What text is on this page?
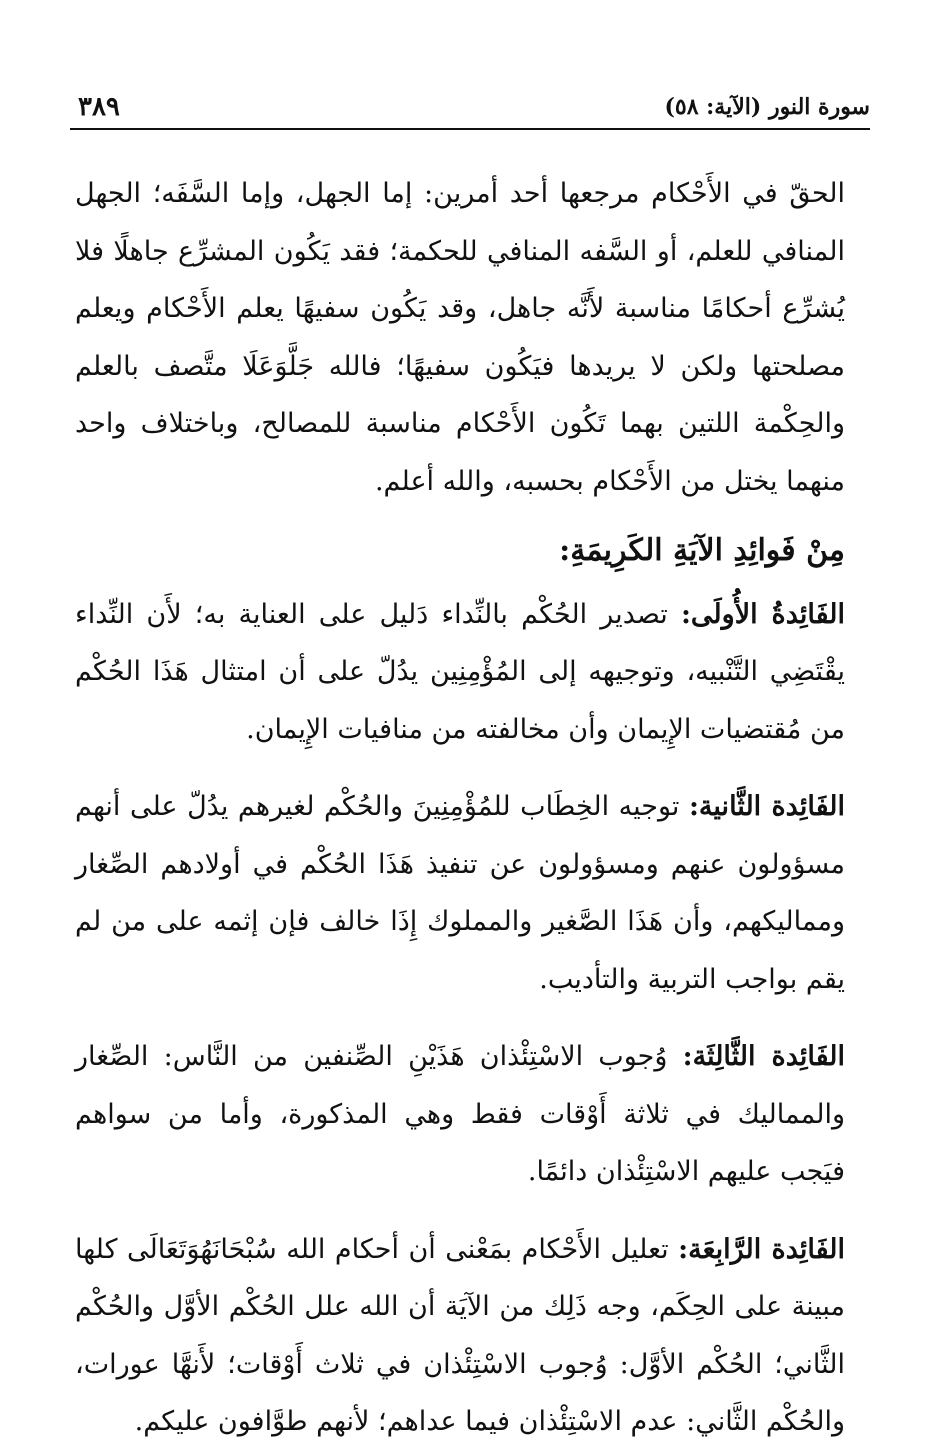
٣٨٩	سورة النور (الآية: ٥٨)

الحقّ في الأَحْكام مرجعها أحد أمرين: إما الجهل، وإما السَّفَه؛ الجهل المنافي للعلم، أو السَّفه المنافي للحكمة؛ فقد يَكُون المشرِّع جاهلًا فلا يُشرِّع أحكامًا مناسبة لأَنَّه جاهل، وقد يَكُون سفيهًا يعلم الأَحْكام ويعلم مصلحتها ولكن لا يريدها فيَكُون سفيهًا؛ فالله جَلَّوَعَلَا متَّصف بالعلم والحِكْمة اللتين بهما تَكُون الأَحْكام مناسبة للمصالح، وباختلاف واحد منهما يختل من الأَحْكام بحسبه، والله أعلم.

مِنْ فَوائِدِ الآيَةِ الكَرِيمَةِ:

الفَائِدةُ الأُولَى: تصدير الحُكْم بالنِّداء دَليل على العناية به؛ لأَن النِّداء يقْتَضِي التَّنْبيه، وتوجيهه إلى المُؤْمِنِين يدُلّ على أن امتثال هَذَا الحُكْم من مُقتضيات الإِيمان وأن مخالفته من منافيات الإِيمان.

الفَائِدة الثَّانية: توجيه الخِطَاب للمُؤْمِنِينَ والحُكْم لغيرهم يدُلّ على أنهم مسؤولون عنهم ومسؤولون عن تنفيذ هَذَا الحُكْم في أولادهم الصِّغار ومماليكهم، وأن هَذَا الصَّغير والمملوك إِذَا خالف فإن إثمه على من لم يقم بواجب التربية والتأديب.

الفَائِدة الثَّالِثَة: وُجوب الاسْتِئْذان هَذَيْنِ الصِّنفين من النَّاس: الصِّغار والمماليك في ثلاثة أَوْقات فقط وهي المذكورة، وأما من سواهم فيَجب عليهم الاسْتِئْذان دائمًا.

الفَائِدة الرَّابِعَة: تعليل الأَحْكام بمَعْنى أن أحكام الله سُبْحَانَهُوَتَعَالَى كلها مبينة على الحِكَم، وجه ذَلِك من الآيَة أن الله علل الحُكْم الأوَّل والحُكْم الثَّاني؛ الحُكْم الأوَّل: وُجوب الاسْتِئْذان في ثلاث أَوْقات؛ لأَنهَّا عورات، والحُكْم الثَّاني: عدم الاسْتِئْذان فيما عداهم؛ لأنهم طوَّافون عليكم.
